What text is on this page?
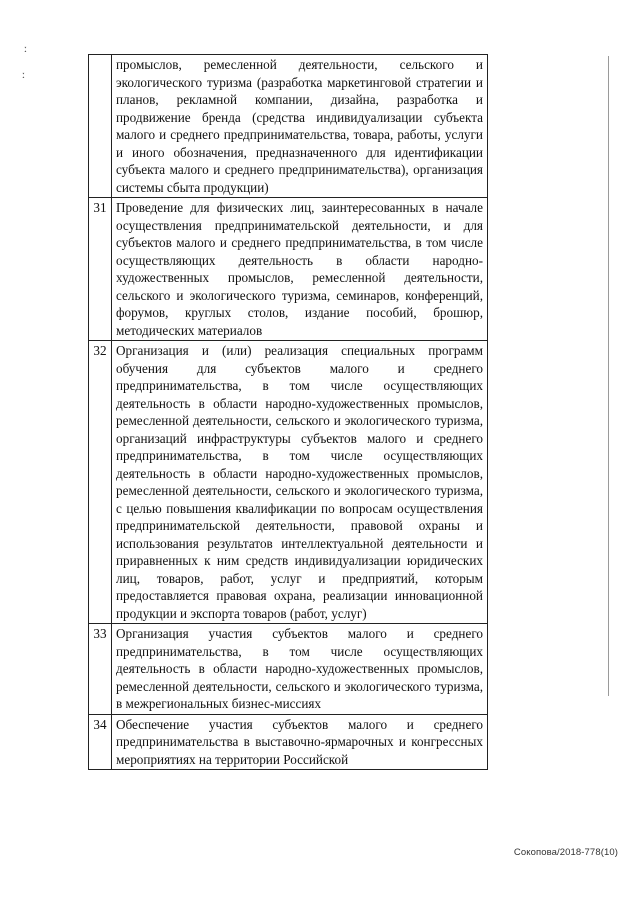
ː
ː
	промыслов, ремесленной деятельности, сельского и экологического туризма (разработка маркетинговой стратегии и планов, рекламной компании, дизайна, разработка и продвижение бренда (средства индивидуализации субъекта малого и среднего предпринимательства, товара, работы, услуги и иного обозначения, предназначенного для идентификации субъекта малого и среднего предпринимательства), организация системы сбыта продукции)
31	Проведение для физических лиц, заинтересованных в начале осуществления предпринимательской деятельности, и для субъектов малого и среднего предпринимательства, в том числе осуществляющих деятельность в области народно-художественных промыслов, ремесленной деятельности, сельского и экологического туризма, семинаров, конференций, форумов, круглых столов, издание пособий, брошюр, методических материалов
32	Организация и (или) реализация специальных программ обучения для субъектов малого и среднего предпринимательства, в том числе осуществляющих деятельность в области народно-художественных промыслов, ремесленной деятельности, сельского и экологического туризма, организаций инфраструктуры субъектов малого и среднего предпринимательства, в том числе осуществляющих деятельность в области народно-художественных промыслов, ремесленной деятельности, сельского и экологического туризма, с целью повышения квалификации по вопросам осуществления предпринимательской деятельности, правовой охраны и использования результатов интеллектуальной деятельности и приравненных к ним средств индивидуализации юридических лиц, товаров, работ, услуг и предприятий, которым предоставляется правовая охрана, реализации инновационной продукции и экспорта товаров (работ, услуг)
33	Организация участия субъектов малого и среднего предпринимательства, в том числе осуществляющих деятельность в области народно-художественных промыслов, ремесленной деятельности, сельского и экологического туризма, в межрегиональных бизнес-миссиях
34	Обеспечение участия субъектов малого и среднего предпринимательства в выставочно-ярмарочных и конгрессных мероприятиях на территории Российской
Сокопова/2018-778(10)
